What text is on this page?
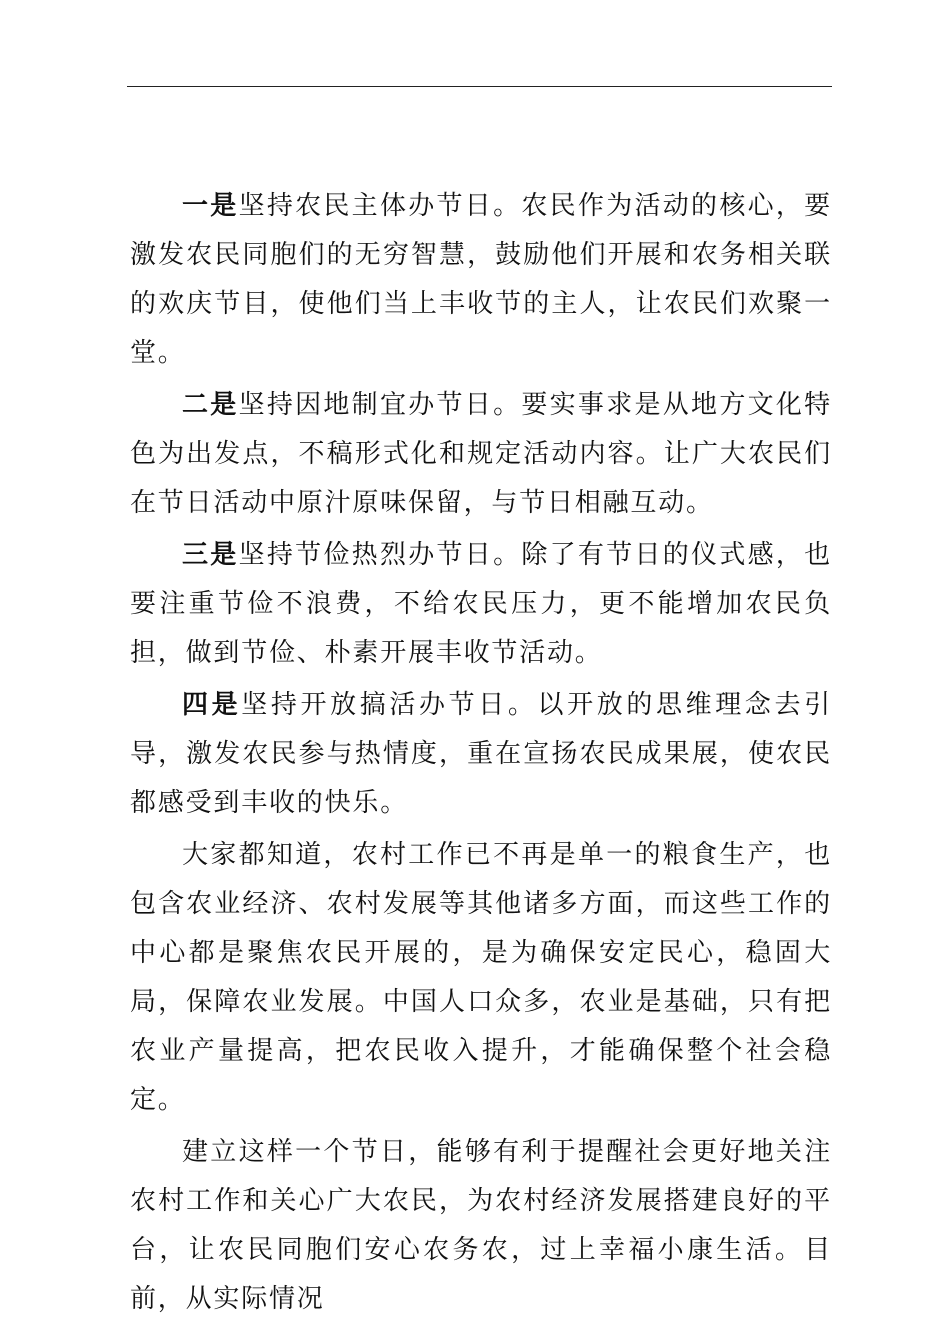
一是坚持农民主体办节日。农民作为活动的核心，要激发农民同胞们的无穷智慧，鼓励他们开展和农务相关联的欢庆节目，使他们当上丰收节的主人，让农民们欢聚一堂。

二是坚持因地制宜办节日。要实事求是从地方文化特色为出发点，不稿形式化和规定活动内容。让广大农民们在节日活动中原汁原味保留，与节日相融互动。

三是坚持节俭热烈办节日。除了有节日的仪式感，也要注重节俭不浪费，不给农民压力，更不能增加农民负担，做到节俭、朴素开展丰收节活动。

四是坚持开放搞活办节日。以开放的思维理念去引导，激发农民参与热情度，重在宣扬农民成果展，使农民都感受到丰收的快乐。

大家都知道，农村工作已不再是单一的粮食生产，也包含农业经济、农村发展等其他诸多方面，而这些工作的中心都是聚焦农民开展的，是为确保安定民心，稳固大局，保障农业发展。中国人口众多，农业是基础，只有把农业产量提高，把农民收入提升，才能确保整个社会稳定。

建立这样一个节日，能够有利于提醒社会更好地关注农村工作和关心广大农民，为农村经济发展搭建良好的平台，让农民同胞们安心农务农，过上幸福小康生活。目前，从实际情况
